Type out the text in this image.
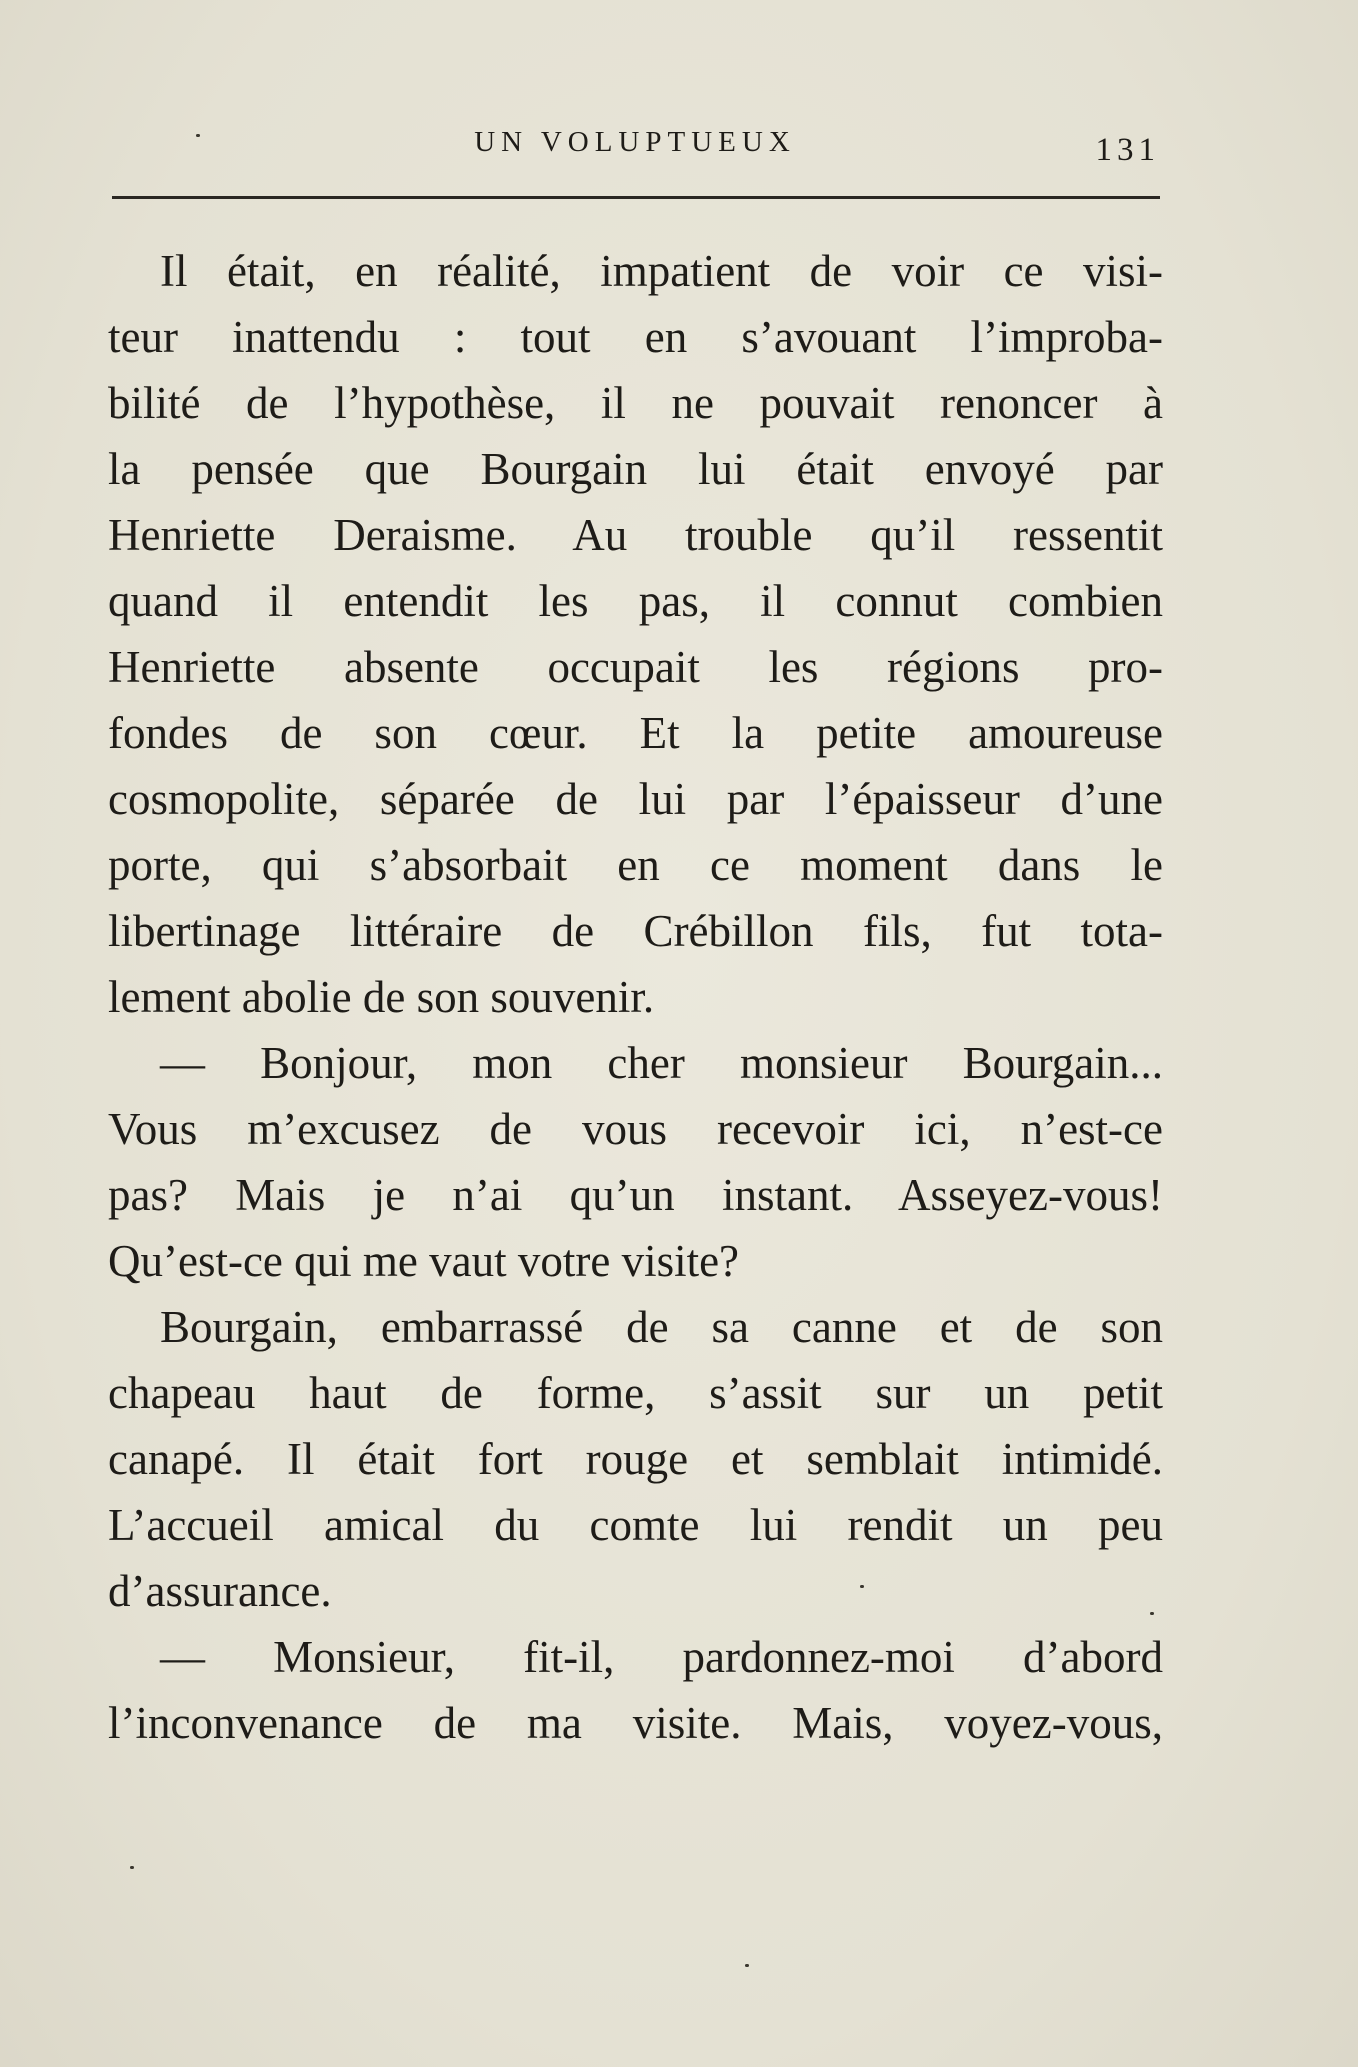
UN VOLUPTUEUX	131
Il était, en réalité, impatient de voir ce visi-
teur inattendu : tout en s’avouant l’improba-
bilité de l’hypothèse, il ne pouvait renoncer à
la pensée que Bourgain lui était envoyé par
Henriette Deraisme. Au trouble qu’il ressentit
quand il entendit les pas, il connut combien
Henriette absente occupait les régions pro-
fondes de son cœur. Et la petite amoureuse
cosmopolite, séparée de lui par l’épaisseur d’une
porte, qui s’absorbait en ce moment dans le
libertinage littéraire de Crébillon fils, fut tota-
lement abolie de son souvenir.
— Bonjour, mon cher monsieur Bourgain...
Vous m’excusez de vous recevoir ici, n’est-ce
pas? Mais je n’ai qu’un instant. Asseyez-vous!
Qu’est-ce qui me vaut votre visite?
Bourgain, embarrassé de sa canne et de son
chapeau haut de forme, s’assit sur un petit
canapé. Il était fort rouge et semblait intimidé.
L’accueil amical du comte lui rendit un peu
d’assurance.
— Monsieur, fit-il, pardonnez-moi d’abord
l’inconvenance de ma visite. Mais, voyez-vous,
